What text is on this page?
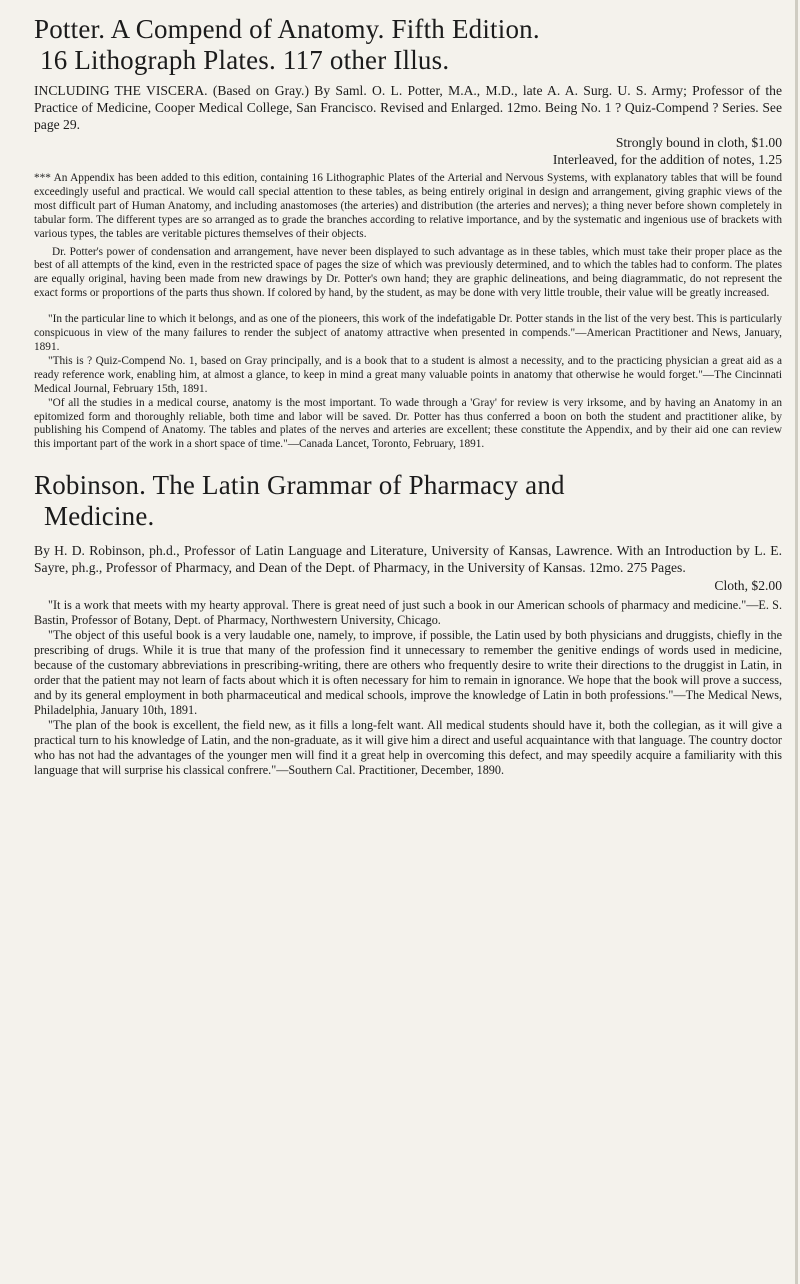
Potter. A Compend of Anatomy. Fifth Edition.
16 Lithograph Plates. 117 other Illus.

INCLUDING THE VISCERA. (Based on Gray.) By Saml. O. L. Potter, M.A., M.D., late A. A. Surg. U. S. Army; Professor of the Practice of Medicine, Cooper Medical College, San Francisco. Revised and Enlarged. 12mo. Being No. 1 ? Quiz-Compend ? Series. See page 29.

Strongly bound in cloth, $1.00

Interleaved, for the addition of notes, 1.25

*** An Appendix has been added to this edition, containing 16 Lithographic Plates of the Arterial and Nervous Systems, with explanatory tables that will be found exceedingly useful and practical. We would call special attention to these tables, as being entirely original in design and arrangement, giving graphic views of the most difficult part of Human Anatomy, and including anastomoses (the arteries) and distribution (the arteries and nerves); a thing never before shown completely in tabular form. The different types are so arranged as to grade the branches according to relative importance, and by the systematic and ingenious use of brackets with various types, the tables are veritable pictures themselves of their objects.

Dr. Potter's power of condensation and arrangement, have never been displayed to such advantage as in these tables, which must take their proper place as the best of all attempts of the kind, even in the restricted space of pages the size of which was previously determined, and to which the tables had to conform. The plates are equally original, having been made from new drawings by Dr. Potter's own hand; they are graphic delineations, and being diagrammatic, do not represent the exact forms or proportions of the parts thus shown. If colored by hand, by the student, as may be done with very little trouble, their value will be greatly increased.

"In the particular line to which it belongs, and as one of the pioneers, this work of the indefatigable Dr. Potter stands in the list of the very best. This is particularly conspicuous in view of the many failures to render the subject of anatomy attractive when presented in compends."—American Practitioner and News, January, 1891.

"This is ? Quiz-Compend No. 1, based on Gray principally, and is a book that to a student is almost a necessity, and to the practicing physician a great aid as a ready reference work, enabling him, at almost a glance, to keep in mind a great many valuable points in anatomy that otherwise he would forget."—The Cincinnati Medical Journal, February 15th, 1891.

"Of all the studies in a medical course, anatomy is the most important. To wade through a 'Gray' for review is very irksome, and by having an Anatomy in an epitomized form and thoroughly reliable, both time and labor will be saved. Dr. Potter has thus conferred a boon on both the student and practitioner alike, by publishing his Compend of Anatomy. The tables and plates of the nerves and arteries are excellent; these constitute the Appendix, and by their aid one can review this important part of the work in a short space of time."—Canada Lancet, Toronto, February, 1891.

Robinson. The Latin Grammar of Pharmacy and
Medicine.

By H. D. Robinson, ph.d., Professor of Latin Language and Literature, University of Kansas, Lawrence. With an Introduction by L. E. Sayre, ph.g., Professor of Pharmacy, and Dean of the Dept. of Pharmacy, in the University of Kansas. 12mo. 275 Pages.

Cloth, $2.00

"It is a work that meets with my hearty approval. There is great need of just such a book in our American schools of pharmacy and medicine."—E. S. Bastin, Professor of Botany, Dept. of Pharmacy, Northwestern University, Chicago.

"The object of this useful book is a very laudable one, namely, to improve, if possible, the Latin used by both physicians and druggists, chiefly in the prescribing of drugs. While it is true that many of the profession find it unnecessary to remember the genitive endings of words used in medicine, because of the customary abbreviations in prescribing-writing, there are others who frequently desire to write their directions to the druggist in Latin, in order that the patient may not learn of facts about which it is often necessary for him to remain in ignorance. We hope that the book will prove a success, and by its general employment in both pharmaceutical and medical schools, improve the knowledge of Latin in both professions."—The Medical News, Philadelphia, January 10th, 1891.

"The plan of the book is excellent, the field new, as it fills a long-felt want. All medical students should have it, both the collegian, as it will give a practical turn to his knowledge of Latin, and the non-graduate, as it will give him a direct and useful acquaintance with that language. The country doctor who has not had the advantages of the younger men will find it a great help in overcoming this defect, and may speedily acquire a familiarity with this language that will surprise his classical confrere."—Southern Cal. Practitioner, December, 1890.
